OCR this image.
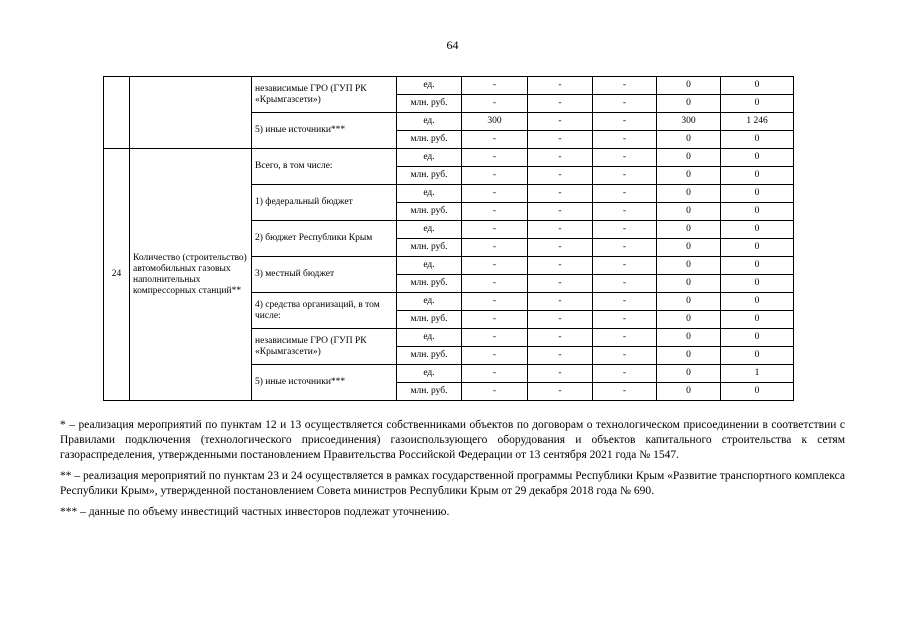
64
		независимые ГРО (ГУП РК «Крымгазсети»)	ед.	-	-	-	0	0
			млн. руб.	-	-	-	0	0
		5) иные источники***	ед.	300	-	-	300	1 246
			млн. руб.	-	-	-	0	0
24	Количество (строительство) автомобильных газовых наполнительных компрессорных станций**	Всего, в том числе:	ед.	-	-	-	0	0
			млн. руб.	-	-	-	0	0
		1) федеральный бюджет	ед.	-	-	-	0	0
			млн. руб.	-	-	-	0	0
		2) бюджет Республики Крым	ед.	-	-	-	0	0
			млн. руб.	-	-	-	0	0
		3) местный бюджет	ед.	-	-	-	0	0
			млн. руб.	-	-	-	0	0
		4) средства организаций, в том числе:	ед.	-	-	-	0	0
			млн. руб.	-	-	-	0	0
		независимые ГРО (ГУП РК «Крымгазсети»)	ед.	-	-	-	0	0
			млн. руб.	-	-	-	0	0
		5) иные источники***	ед.	-	-	-	0	1
			млн. руб.	-	-	-	0	0

* – реализация мероприятий по пунктам 12 и 13 осуществляется собственниками объектов по договорам о технологическом присоединении в соответствии с Правилами подключения (технологического присоединения) газоиспользующего оборудования и объектов капитального строительства к сетям газораспределения, утвержденными постановлением Правительства Российской Федерации от 13 сентября 2021 года № 1547.

** – реализация мероприятий по пунктам 23 и 24 осуществляется в рамках государственной программы Республики Крым «Развитие транспортного комплекса Республики Крым», утвержденной постановлением Совета министров Республики Крым от 29 декабря 2018 года № 690.

*** – данные по объему инвестиций частных инвесторов подлежат уточнению.
